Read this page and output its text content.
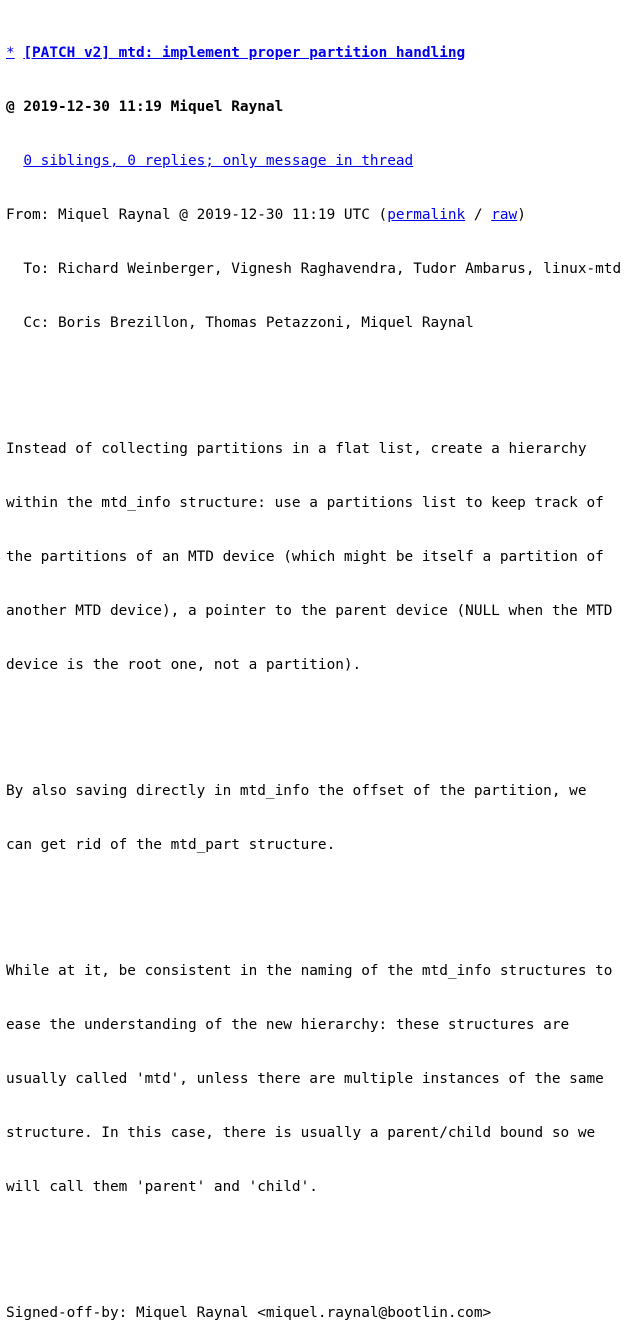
* [PATCH v2] mtd: implement proper partition handling

@ 2019-12-30 11:19 Miquel Raynal

0 siblings, 0 replies; only message in thread

From: Miquel Raynal @ 2019-12-30 11:19 UTC (permalink / raw)

To: Richard Weinberger, Vignesh Raghavendra, Tudor Ambarus, linux-mtd

Cc: Boris Brezillon, Thomas Petazzoni, Miquel Raynal

Instead of collecting partitions in a flat list, create a hierarchy

within the mtd_info structure: use a partitions list to keep track of

the partitions of an MTD device (which might be itself a partition of

another MTD device), a pointer to the parent device (NULL when the MTD

device is the root one, not a partition).

By also saving directly in mtd_info the offset of the partition, we

can get rid of the mtd_part structure.

While at it, be consistent in the naming of the mtd_info structures to

ease the understanding of the new hierarchy: these structures are

usually called 'mtd', unless there are multiple instances of the same

structure. In this case, there is usually a parent/child bound so we

will call them 'parent' and 'child'.

Signed-off-by: Miquel Raynal <miquel.raynal@bootlin.com>
